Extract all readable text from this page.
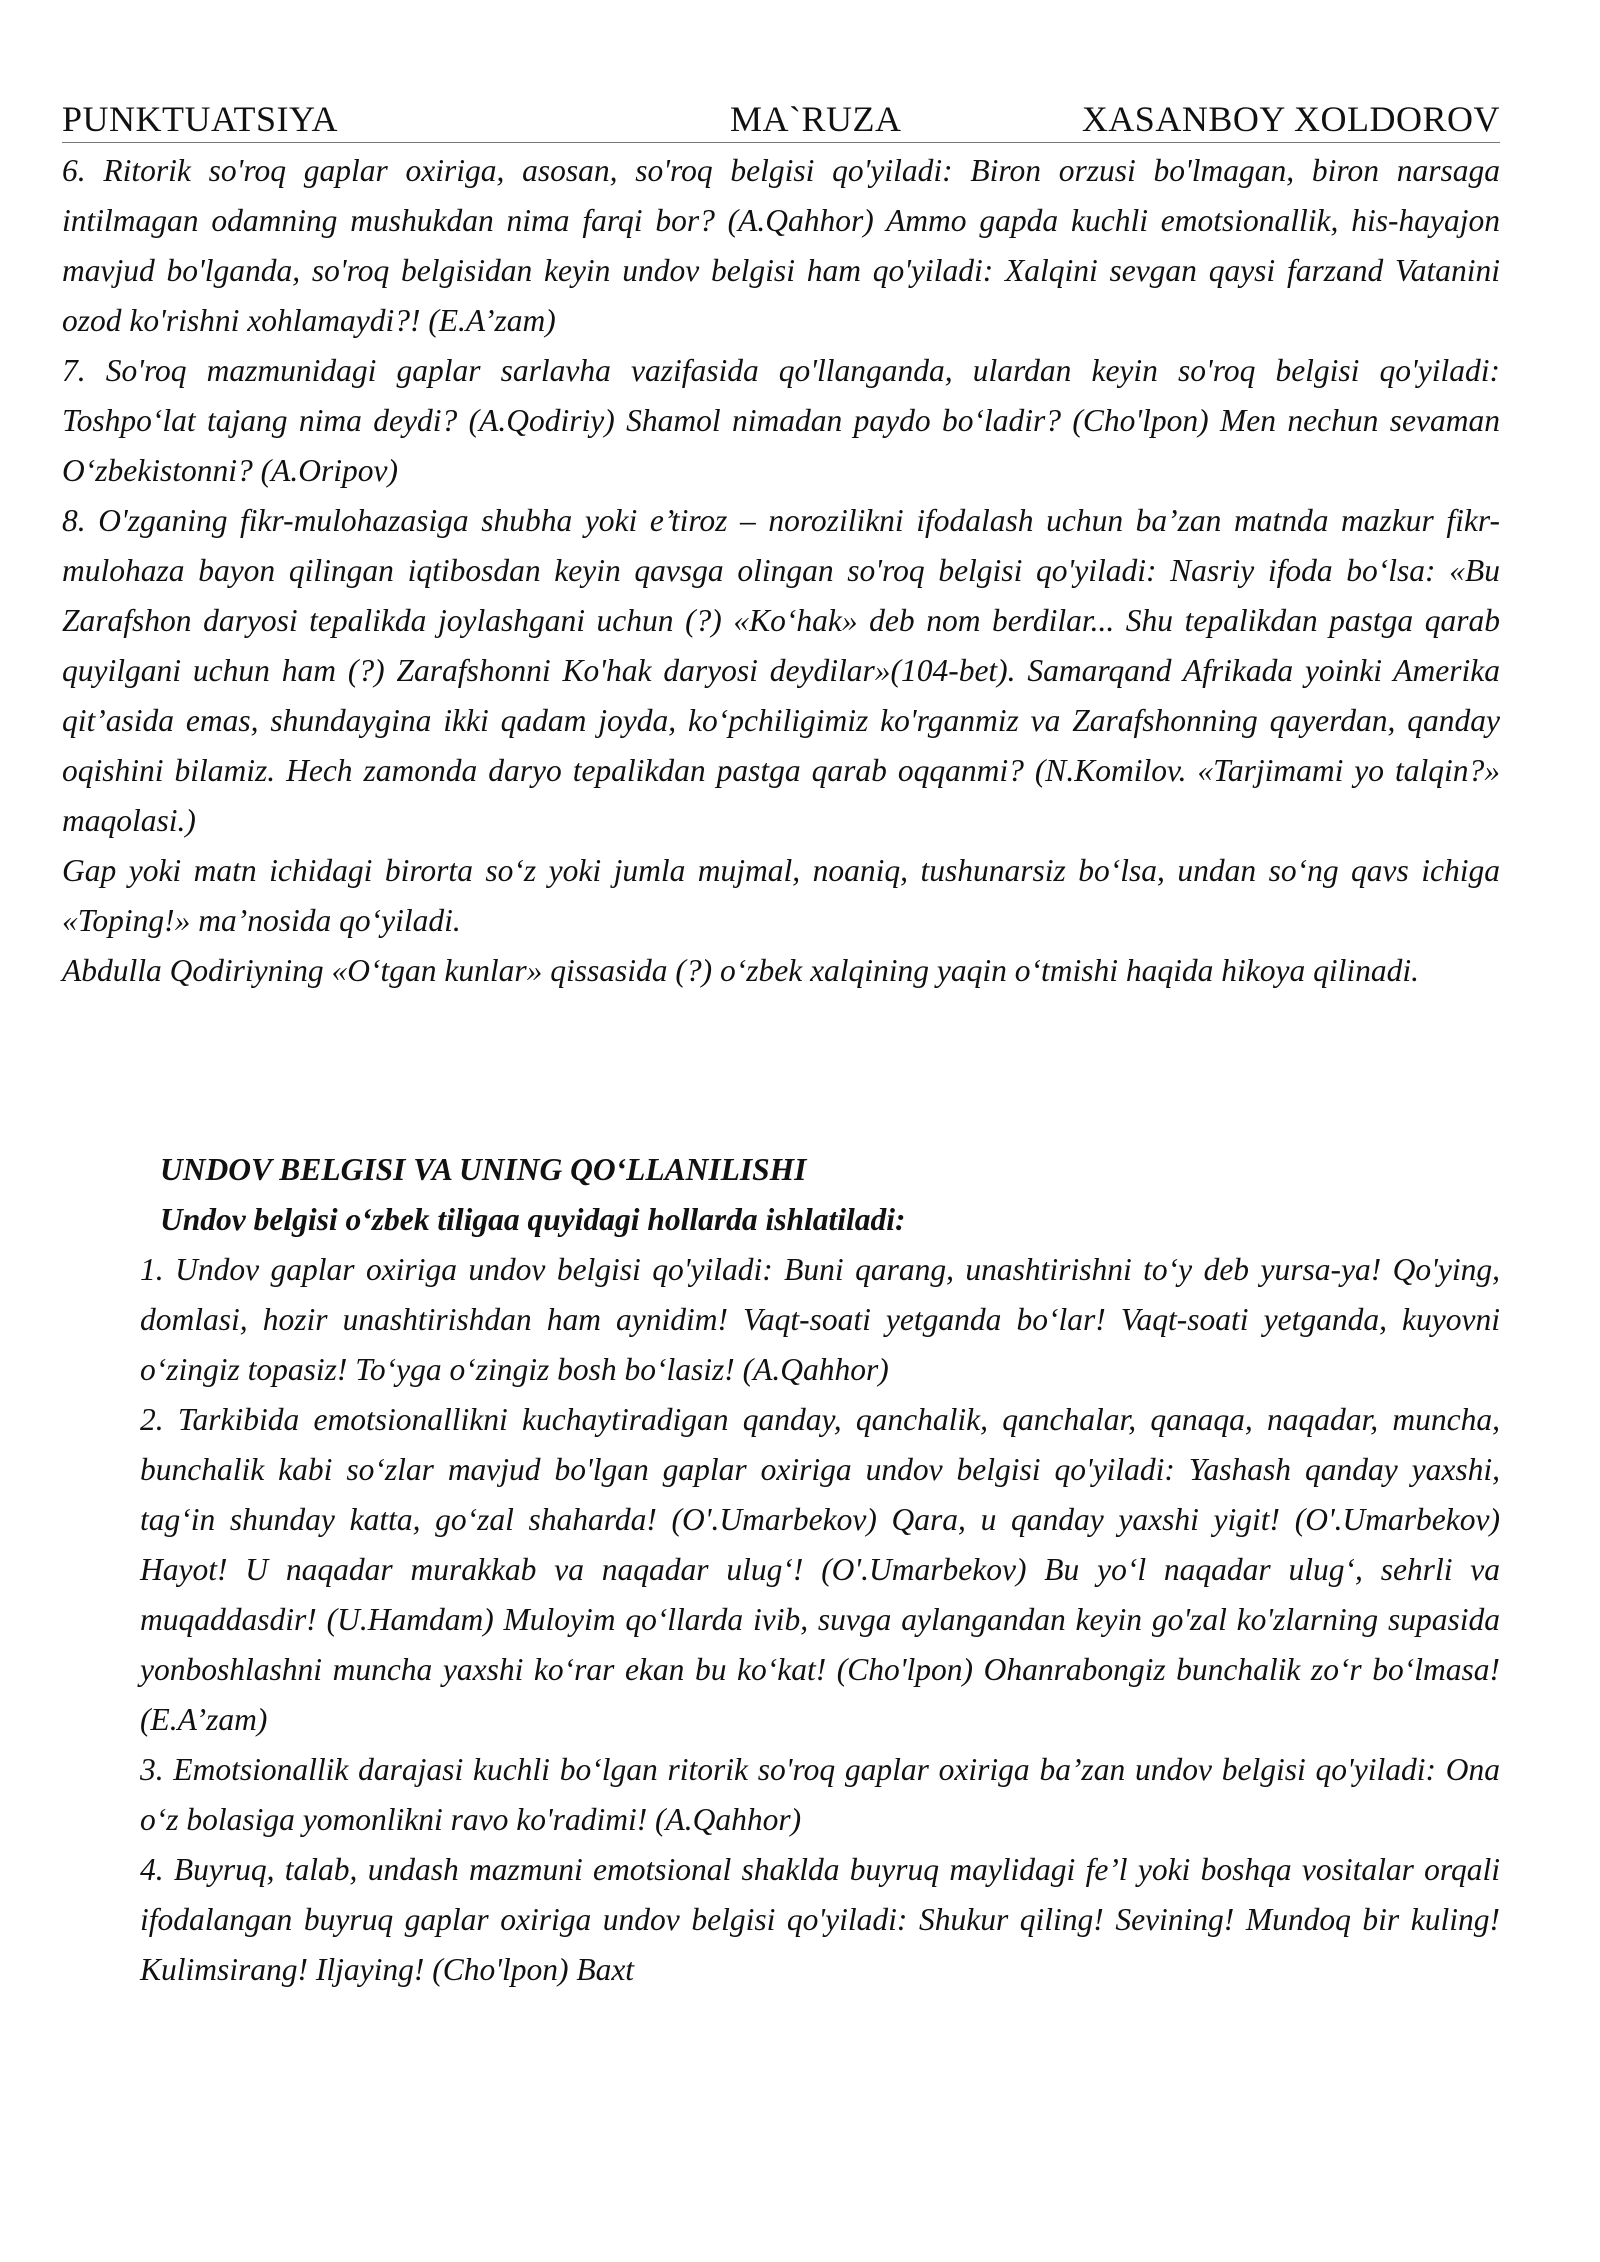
PUNKTUATSIYA	MA`RUZA	XASANBOY XOLDOROV

6. Ritorik so'roq gaplar oxiriga, asosan, so'roq belgisi qo'yiladi: Biron orzusi bo'lmagan, biron narsaga intilmagan odamning mushukdan nima farqi bor? (A.Qahhor) Ammo gapda kuchli emotsionallik, his-hayajon mavjud bo'lganda, so'roq belgisidan keyin undov belgisi ham qo'yiladi: Xalqini sevgan qaysi farzand Vatanini ozod ko'rishni xohlamaydi?! (E.A’zam)

7. So'roq mazmunidagi gaplar sarlavha vazifasida qo'llanganda, ulardan keyin so'roq belgisi qo'yiladi: Toshpo‘lat tajang nima deydi? (A.Qodiriy) Shamol nimadan paydo bo‘ladir? (Cho'lpon) Men nechun sevaman O‘zbekistonni? (A.Oripov)

8. O'zganing fikr-mulohazasiga shubha yoki e’tiroz – norozilikni ifodalash uchun ba’zan matnda mazkur fikr-mulohaza bayon qilingan iqtibosdan keyin qavsga olingan so'roq belgisi qo'yiladi: Nasriy ifoda bo‘lsa: «Bu Zarafshon daryosi tepalikda joylashgani uchun (?) «Ko‘hak» deb nom berdilar... Shu tepalikdan pastga qarab quyilgani uchun ham (?) Zarafshonni Ko'hak daryosi deydilar»(104-bet). Samarqand Afrikada yoinki Amerika qit’asida emas, shundaygina ikki qadam joyda, ko‘pchiligimiz ko'rganmiz va Zarafshonning qayerdan, qanday oqishini bilamiz. Hech zamonda daryo tepalikdan pastga qarab oqqanmi? (N.Komilov. «Tarjimami yo talqin?» maqolasi.)

Gap yoki matn ichidagi birorta so‘z yoki jumla mujmal, noaniq, tushunarsiz bo‘lsa, undan so‘ng qavs ichiga «Toping!» ma’nosida qo‘yiladi.

Abdulla Qodiriyning «O‘tgan kunlar» qissasida (?) o‘zbek xalqining yaqin o‘tmishi haqida hikoya qilinadi.

UNDOV BELGISI VA UNING QO‘LLANILISHI

Undov belgisi o‘zbek tiligaa quyidagi hollarda ishlatiladi:

1. Undov gaplar oxiriga undov belgisi qo'yiladi: Buni qarang, unashtirishni to‘y deb yursa-ya! Qo'ying, domlasi, hozir unashtirishdan ham aynidim! Vaqt-soati yetganda bo‘lar! Vaqt-soati yetganda, kuyovni o‘zingiz topasiz! To‘yga o‘zingiz bosh bo‘lasiz! (A.Qahhor)

2. Tarkibida emotsionallikni kuchaytiradigan qanday, qanchalik, qanchalar, qanaqa, naqadar, muncha, bunchalik kabi so‘zlar mavjud bo'lgan gaplar oxiriga undov belgisi qo'yiladi: Yashash qanday yaxshi, tag‘in shunday katta, go‘zal shaharda! (O'.Umarbekov) Qara, u qanday yaxshi yigit! (O'.Umarbekov) Hayot! U naqadar murakkab va naqadar ulug‘! (O'.Umarbekov) Bu yo‘l naqadar ulug‘, sehrli va muqaddasdir! (U.Hamdam) Muloyim qo‘llarda ivib, suvga aylangandan keyin go'zal ko'zlarning supasida yonboshlashni muncha yaxshi ko‘rar ekan bu ko‘kat! (Cho'lpon) Ohanrabongiz bunchalik zo‘r bo‘lmasa! (E.A’zam)

3. Emotsionallik darajasi kuchli bo‘lgan ritorik so'roq gaplar oxiriga ba’zan undov belgisi qo'yiladi: Ona o‘z bolasiga yomonlikni ravo ko'radimi! (A.Qahhor)

4. Buyruq, talab, undash mazmuni emotsional shaklda buyruq maylidagi fe’l yoki boshqa vositalar orqali ifodalangan buyruq gaplar oxiriga undov belgisi qo'yiladi: Shukur qiling! Sevining! Mundoq bir kuling! Kulimsirang! Iljaying! (Cho'lpon) Baxt
